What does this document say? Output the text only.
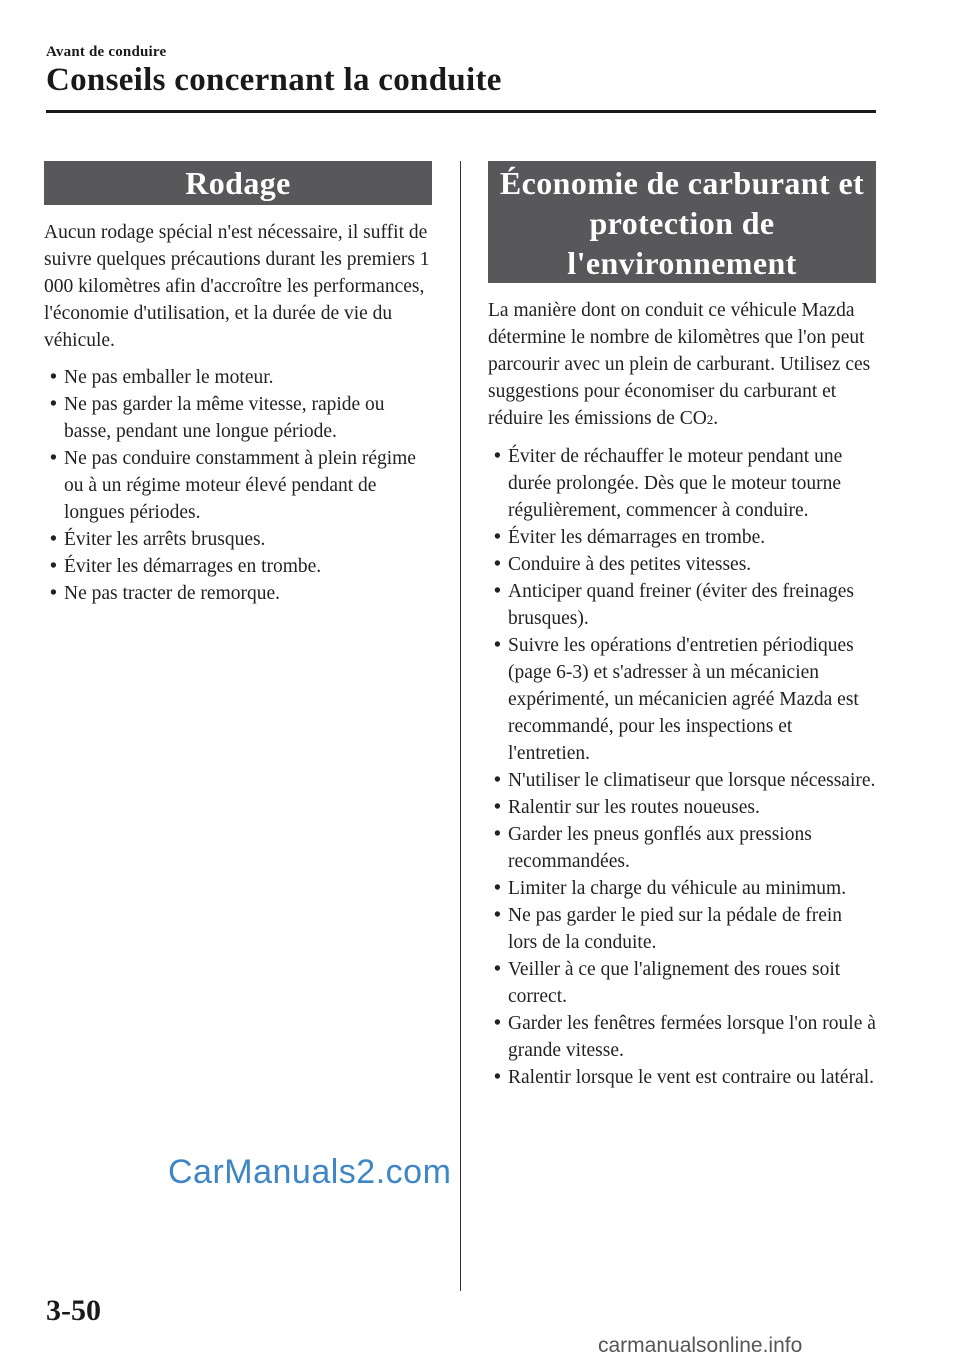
Avant de conduire
Conseils concernant la conduite
Rodage

Aucun rodage spécial n'est nécessaire, il suffit de suivre quelques précautions durant les premiers 1 000 kilomètres afin d'accroître les performances, l'économie d'utilisation, et la durée de vie du véhicule.

• Ne pas emballer le moteur.
• Ne pas garder la même vitesse, rapide ou basse, pendant une longue période.
• Ne pas conduire constamment à plein régime ou à un régime moteur élevé pendant de longues périodes.
• Éviter les arrêts brusques.
• Éviter les démarrages en trombe.
• Ne pas tracter de remorque.
Économie de carburant et
protection de
l'environnement

La manière dont on conduit ce véhicule Mazda détermine le nombre de kilomètres que l'on peut parcourir avec un plein de carburant. Utilisez ces suggestions pour économiser du carburant et réduire les émissions de CO2.

• Éviter de réchauffer le moteur pendant une durée prolongée. Dès que le moteur tourne régulièrement, commencer à conduire.
• Éviter les démarrages en trombe.
• Conduire à des petites vitesses.
• Anticiper quand freiner (éviter des freinages brusques).
• Suivre les opérations d'entretien périodiques (page 6-3) et s'adresser à un mécanicien expérimenté, un mécanicien agréé Mazda est recommandé, pour les inspections et l'entretien.
• N'utiliser le climatiseur que lorsque nécessaire.
• Ralentir sur les routes noueuses.
• Garder les pneus gonflés aux pressions recommandées.
• Limiter la charge du véhicule au minimum.
• Ne pas garder le pied sur la pédale de frein lors de la conduite.
• Veiller à ce que l'alignement des roues soit correct.
• Garder les fenêtres fermées lorsque l'on roule à grande vitesse.
• Ralentir lorsque le vent est contraire ou latéral.
CarManuals2.com
3-50
carmanualsonline.info
